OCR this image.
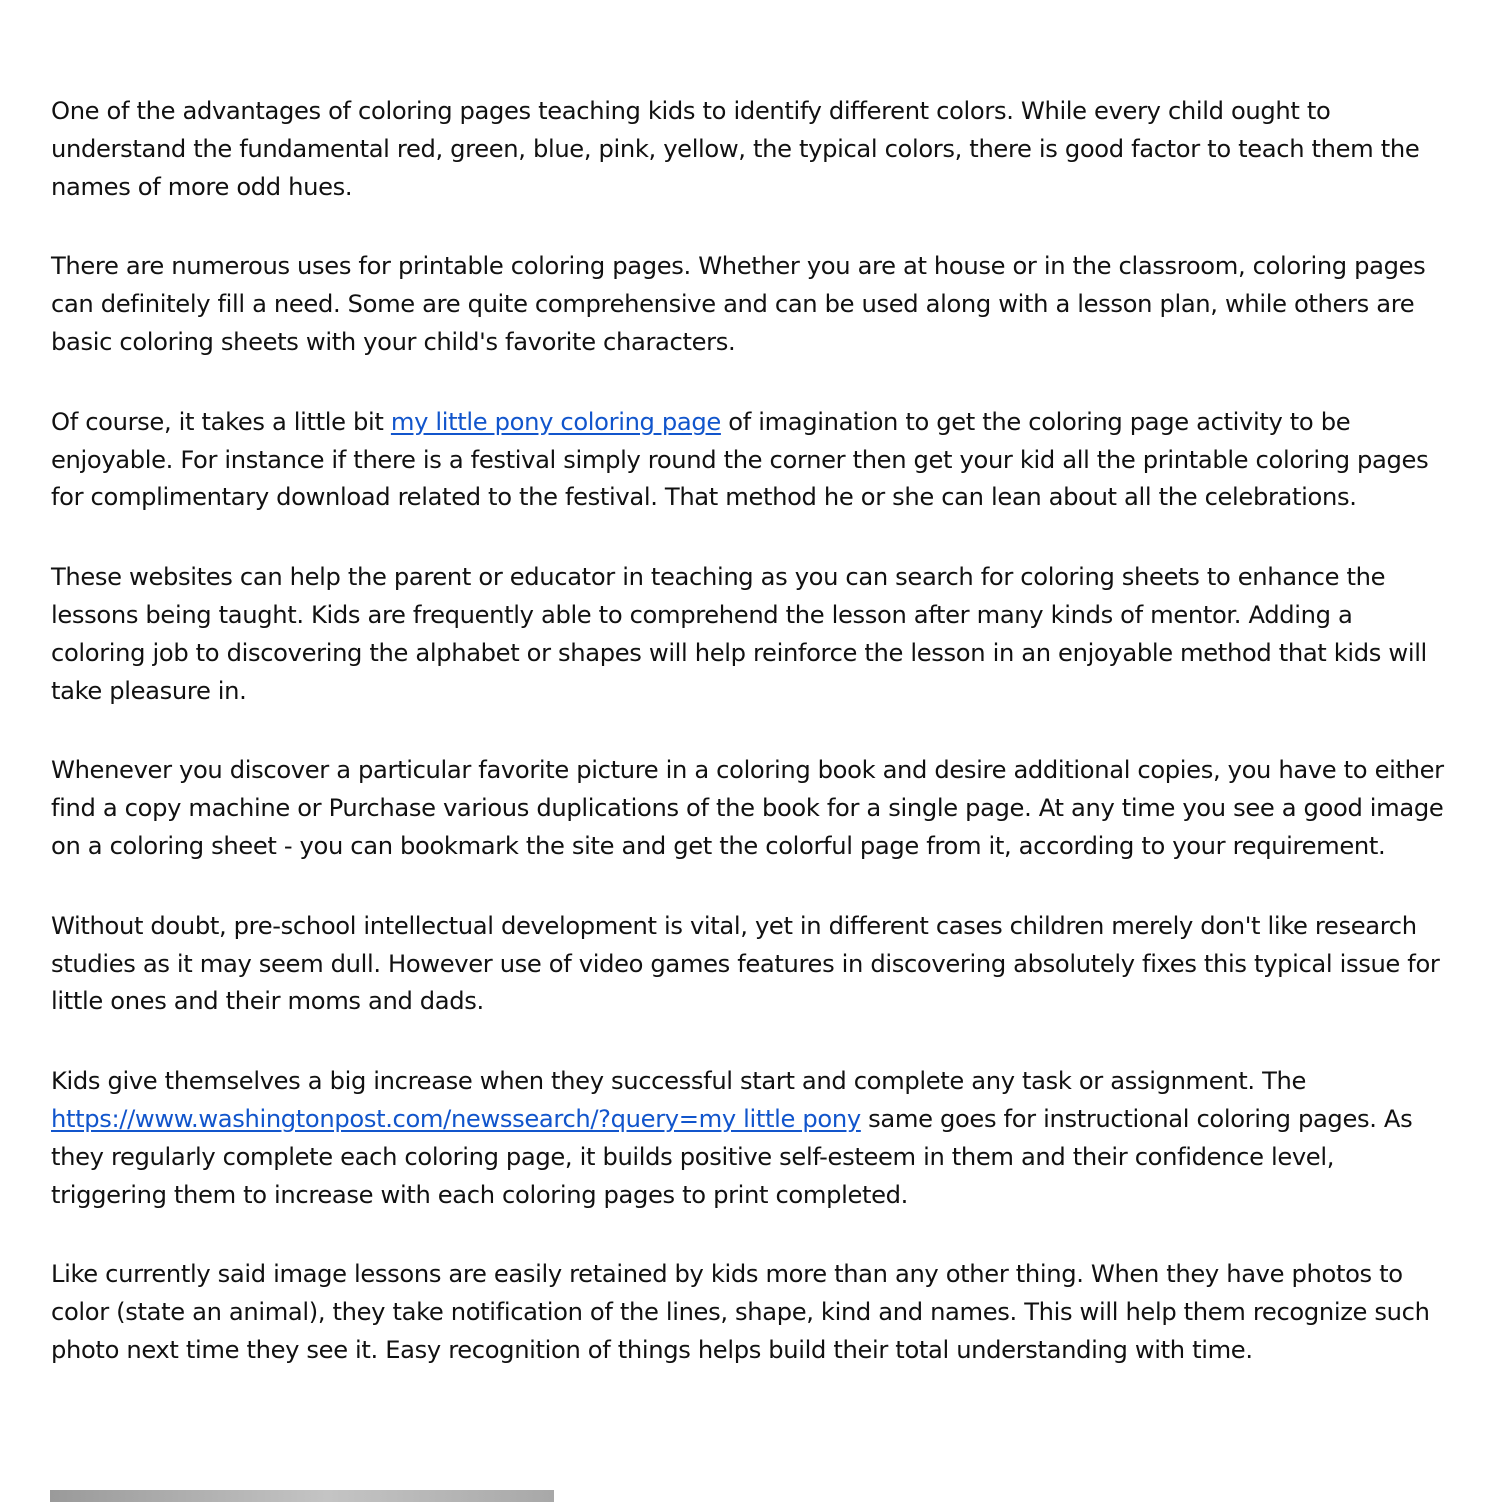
One of the advantages of coloring pages teaching kids to identify different colors. While every child ought to understand the fundamental red, green, blue, pink, yellow, the typical colors, there is good factor to teach them the names of more odd hues.

There are numerous uses for printable coloring pages. Whether you are at house or in the classroom, coloring pages can definitely fill a need. Some are quite comprehensive and can be used along with a lesson plan, while others are basic coloring sheets with your child's favorite characters.

Of course, it takes a little bit my little pony coloring page of imagination to get the coloring page activity to be enjoyable. For instance if there is a festival simply round the corner then get your kid all the printable coloring pages for complimentary download related to the festival. That method he or she can lean about all the celebrations.

These websites can help the parent or educator in teaching as you can search for coloring sheets to enhance the lessons being taught. Kids are frequently able to comprehend the lesson after many kinds of mentor. Adding a coloring job to discovering the alphabet or shapes will help reinforce the lesson in an enjoyable method that kids will take pleasure in.

Whenever you discover a particular favorite picture in a coloring book and desire additional copies, you have to either find a copy machine or Purchase various duplications of the book for a single page. At any time you see a good image on a coloring sheet - you can bookmark the site and get the colorful page from it, according to your requirement.

Without doubt, pre-school intellectual development is vital, yet in different cases children merely don't like research studies as it may seem dull. However use of video games features in discovering absolutely fixes this typical issue for little ones and their moms and dads.

Kids give themselves a big increase when they successful start and complete any task or assignment. The https://www.washingtonpost.com/newssearch/?query=my little pony same goes for instructional coloring pages. As they regularly complete each coloring page, it builds positive self-esteem in them and their confidence level, triggering them to increase with each coloring pages to print completed.

Like currently said image lessons are easily retained by kids more than any other thing. When they have photos to color (state an animal), they take notification of the lines, shape, kind and names. This will help them recognize such photo next time they see it. Easy recognition of things helps build their total understanding with time.
